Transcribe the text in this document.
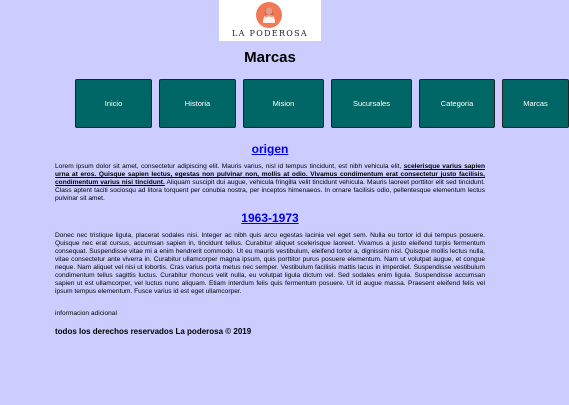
LA PODEROSA
Marcas
Inicio	Historia	Mision	Sucursales	Categoria	Marcas
origen

Lorem ipsum dolor sit amet, consectetur adipiscing elit. Mauris varius, nisl id tempus tincidunt, est nibh vehicula elit, scelerisque varius sapien urna at eros. Quisque sapien lectus, egestas non pulvinar non, mollis at odio. Vivamus condimentum erat consectetur justo facilisis, condimentum varius nisi tincidunt. Aliquam suscipit dui augue, vehicula fringilla velit tincidunt vehicula. Mauris laoreet porttitor elit sed tincidunt. Class aptent taciti sociosqu ad litora torquent per conubia nostra, per inceptos himenaeos. In ornare facilisis odio, pellentesque elementum lectus pulvinar sit amet.

1963-1973

Donec nec tristique ligula, placerat sodales nisi. Integer ac nibh quis arcu egestas lacinia vel eget sem. Nulla eu tortor id dui tempus posuere. Quisque nec erat cursus, accumsan sapien in, tincidunt tellus. Curabitur aliquet scelerisque laoreet. Vivamus a justo eleifend turpis fermentum consequat. Suspendisse vitae mi a enim hendrerit commodo. Ut eu mauris vestibulum, eleifend tortor a, dignissim nisl. Quisque mollis lectus nulla, vitae consectetur ante viverra in. Curabitur ullamcorper magna ipsum, quis porttitor purus posuere elementum. Nam ut volutpat augue, et congue neque. Nam aliquet vel nisi ut lobortis. Cras varius porta metus nec semper. Vestibulum facilisis mattis lacus in imperdiet. Suspendisse vestibulum condimentum tellus sagittis luctus. Curabitur rhoncus velit nulla, eu volutpat ligula dictum vel. Sed sodales enim ligula. Suspendisse accumsan sapien ut est ullamcorper, vel luctus nunc aliquam. Etiam interdum felis quis fermentum posuere. Ut id augue massa. Praesent eleifend felis vel ipsum tempus elementum. Fusce varius id est eget ullamcorper.

informacion adicional
todos los derechos reservados La poderosa © 2019
